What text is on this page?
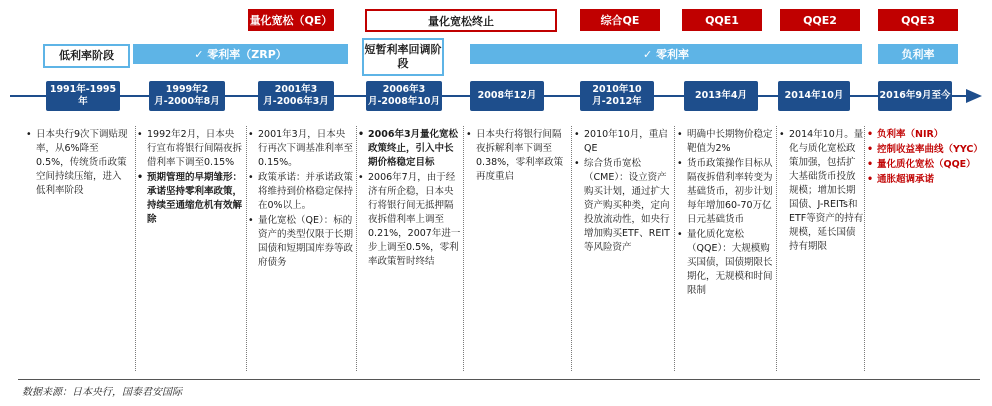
量化宽松（QE）	量化宽松终止	综合QE	QQE1	QQE2	QQE3
低利率阶段	✓ 零利率（ZRP）	短暂利率回调阶段
✓ 零利率	负利率
1991年-1995年
1999年2月-2000年8月
2001年3月-2006年3月
2006年3月-2008年10月
2008年12月
2010年10月-2012年
2013年4月	2014年10月	2016年9月至今
• 日本央行9次下调贴现率，从6%降至0.5%，传统货币政策空间持续压缩，进入低利率阶段
• 1992年2月，日本央行宣布将银行间隔夜拆借利率下调至0.15%
• 预期管理的早期雏形：承诺坚持零利率政策，持续至通缩危机有效解除
• 2001年3月，日本央行再次下调基准利率至0.15%。
• 政策承诺：并承诺政策将维持到价格稳定保持在0%以上。
• 量化宽松（QE）：标的资产的类型仅限于长期国债和短期国库券等政府债务
• 2006年3月量化宽松政策终止，引入中长期价格稳定目标
• 2006年7月，由于经济有所企稳，日本央行将银行间无抵押隔夜拆借利率上调至0.21%，2007年进一步上调至0.5%，零利率政策暂时终结
• 日本央行将银行间隔夜拆解利率下调至0.38%，零利率政策再度重启
• 2010年10月，重启QE
• 综合货币宽松（CME）：设立资产购买计划，通过扩大资产购买种类，定向投放流动性，如央行增加购买ETF、REIT等风险资产
• 明确中长期物价稳定靶值为2%
• 货币政策操作目标从隔夜拆借利率转变为基础货币，初步计划每年增加60-70万亿日元基础货币
• 量化质化宽松（QQE）：大规模购买国债，国债期限长期化，无规模和时间限制
• 2014年10月。量化与质化宽松政策加强，包括扩大基础货币投放规模；增加长期国债、J-REITs和ETF等资产的持有规模，延长国债持有期限
• 负利率（NIR）
• 控制收益率曲线（YYC）
• 量化质化宽松（QQE）
• 通胀超调承诺
数据来源：日本央行，国泰君安国际
